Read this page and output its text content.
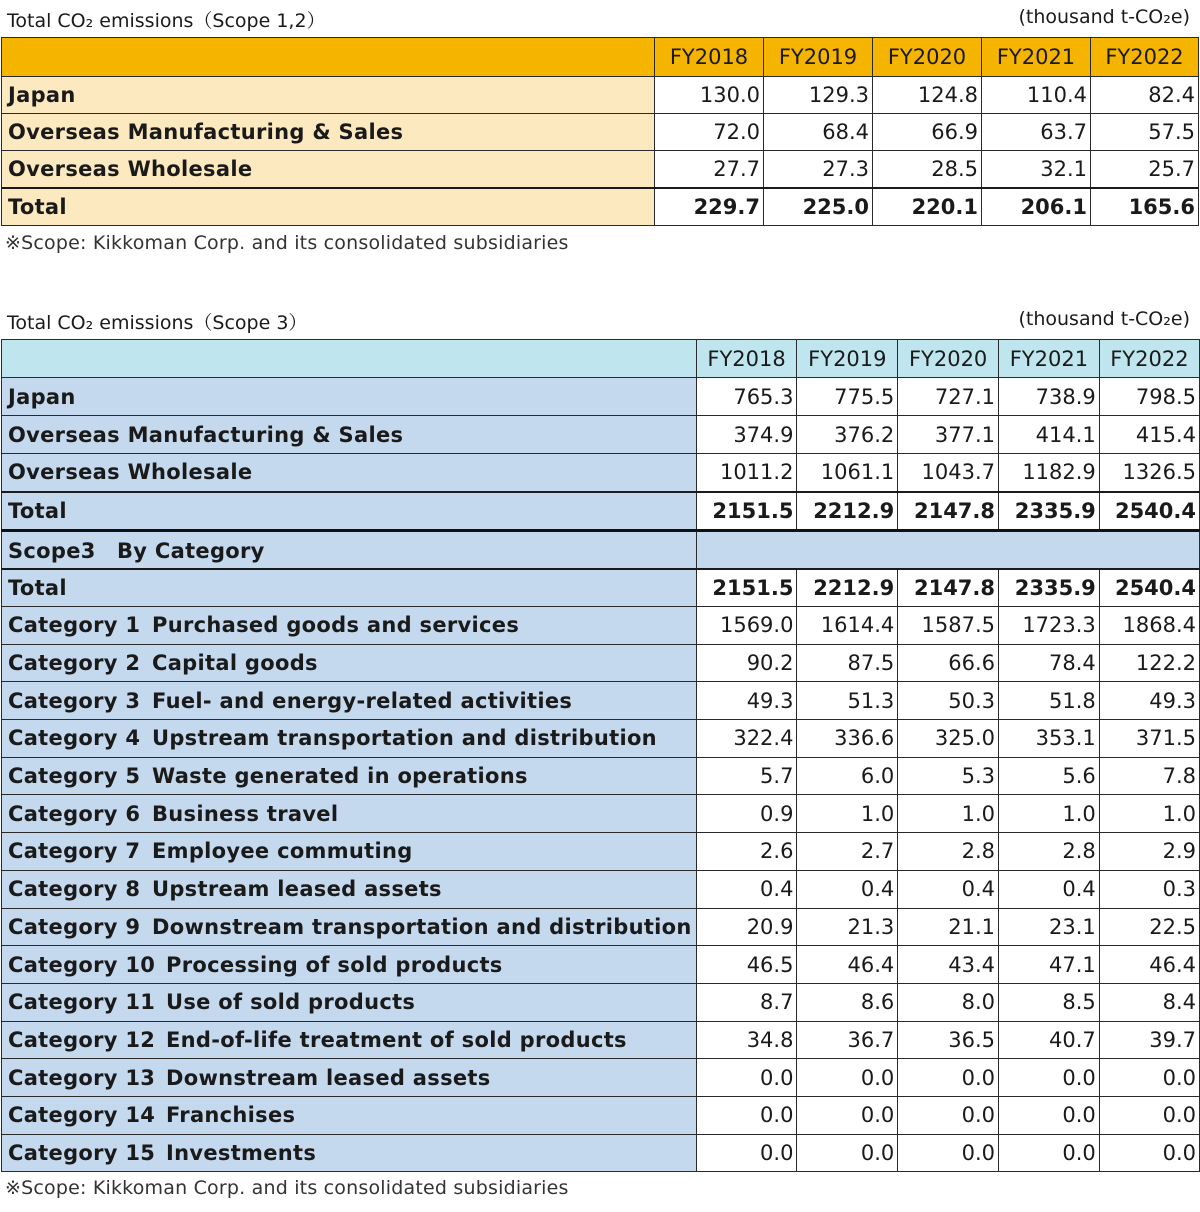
Total CO₂ emissions（Scope 1,2）	(thousand t-CO₂e)
	FY2018	FY2019	FY2020	FY2021	FY2022
Japan	130.0	129.3	124.8	110.4	82.4
Overseas Manufacturing & Sales	72.0	68.4	66.9	63.7	57.5
Overseas Wholesale	27.7	27.3	28.5	32.1	25.7
Total	229.7	225.0	220.1	206.1	165.6
※Scope: Kikkoman Corp. and its consolidated subsidiaries
Total CO₂ emissions（Scope 3）	(thousand t-CO₂e)
	FY2018	FY2019	FY2020	FY2021	FY2022
Japan	765.3	775.5	727.1	738.9	798.5
Overseas Manufacturing & Sales	374.9	376.2	377.1	414.1	415.4
Overseas Wholesale	1011.2	1061.1	1043.7	1182.9	1326.5
Total	2151.5	2212.9	2147.8	2335.9	2540.4
Scope3　By Category					
Total	2151.5	2212.9	2147.8	2335.9	2540.4
Category 1 Purchased goods and services	1569.0	1614.4	1587.5	1723.3	1868.4
Category 2 Capital goods	90.2	87.5	66.6	78.4	122.2
Category 3 Fuel- and energy-related activities	49.3	51.3	50.3	51.8	49.3
Category 4 Upstream transportation and distribution	322.4	336.6	325.0	353.1	371.5
Category 5 Waste generated in operations	5.7	6.0	5.3	5.6	7.8
Category 6 Business travel	0.9	1.0	1.0	1.0	1.0
Category 7 Employee commuting	2.6	2.7	2.8	2.8	2.9
Category 8 Upstream leased assets	0.4	0.4	0.4	0.4	0.3
Category 9 Downstream transportation and distribution	20.9	21.3	21.1	23.1	22.5
Category 10 Processing of sold products	46.5	46.4	43.4	47.1	46.4
Category 11 Use of sold products	8.7	8.6	8.0	8.5	8.4
Category 12 End-of-life treatment of sold products	34.8	36.7	36.5	40.7	39.7
Category 13 Downstream leased assets	0.0	0.0	0.0	0.0	0.0
Category 14 Franchises	0.0	0.0	0.0	0.0	0.0
Category 15 Investments	0.0	0.0	0.0	0.0	0.0
※Scope: Kikkoman Corp. and its consolidated subsidiaries
